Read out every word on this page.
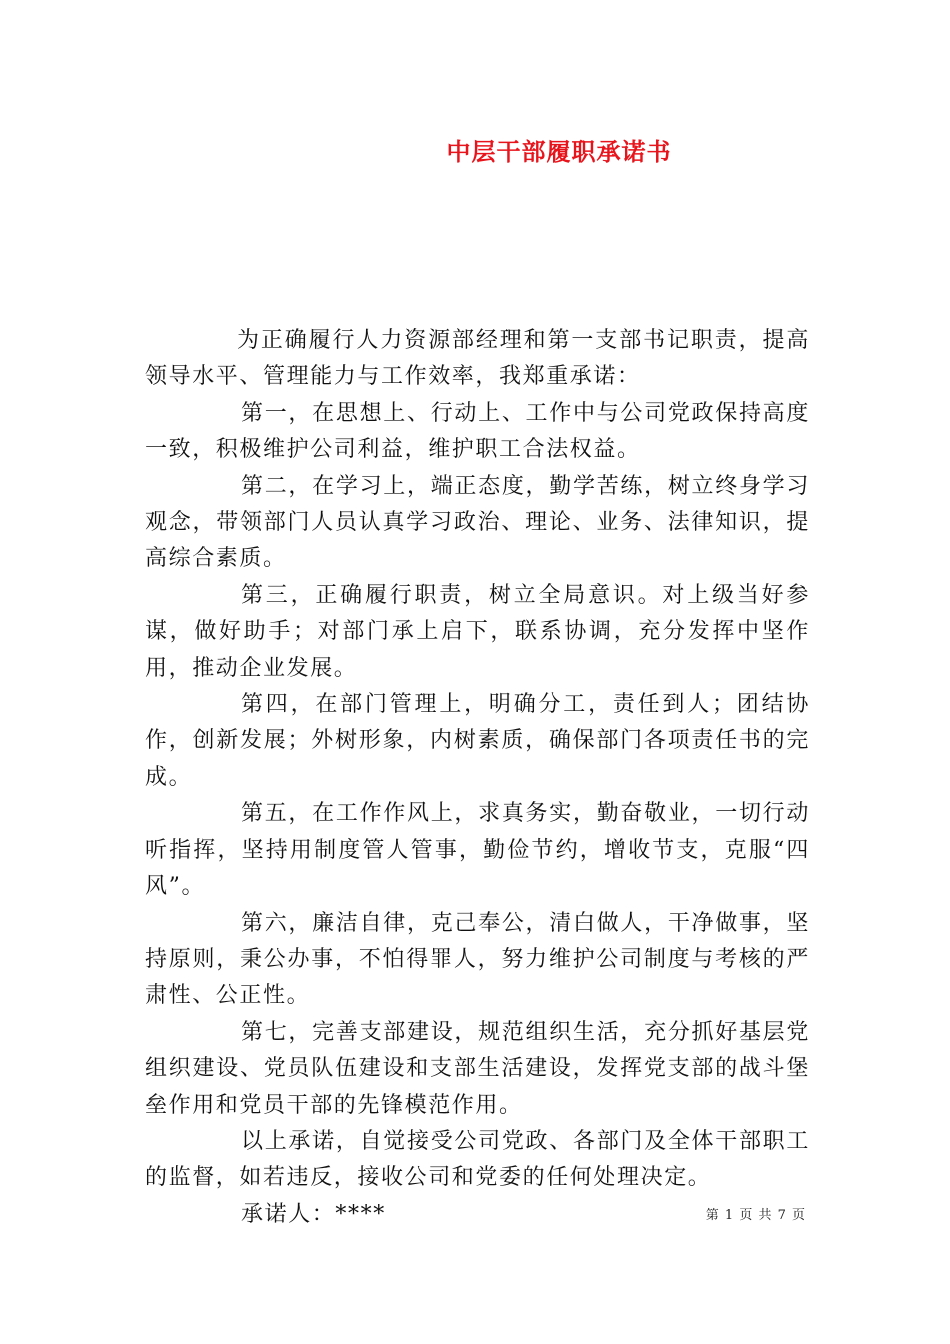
中层干部履职承诺书

为正确履行人力资源部经理和第一支部书记职责，提高领导水平、管理能力与工作效率，我郑重承诺：

第一，在思想上、行动上、工作中与公司党政保持高度一致，积极维护公司利益，维护职工合法权益。

第二，在学习上，端正态度，勤学苦练，树立终身学习观念，带领部门人员认真学习政治、理论、业务、法律知识，提高综合素质。

第三，正确履行职责，树立全局意识。对上级当好参谋，做好助手；对部门承上启下，联系协调，充分发挥中坚作用，推动企业发展。

第四，在部门管理上，明确分工，责任到人；团结协作，创新发展；外树形象，内树素质，确保部门各项责任书的完成。

第五，在工作作风上，求真务实，勤奋敬业，一切行动听指挥，坚持用制度管人管事，勤俭节约，增收节支，克服“四风”。

第六，廉洁自律，克己奉公，清白做人，干净做事，坚持原则，秉公办事，不怕得罪人，努力维护公司制度与考核的严肃性、公正性。

第七，完善支部建设，规范组织生活，充分抓好基层党组织建设、党员队伍建设和支部生活建设，发挥党支部的战斗堡垒作用和党员干部的先锋模范作用。

以上承诺，自觉接受公司党政、各部门及全体干部职工的监督，如若违反，接收公司和党委的任何处理决定。

承诺人：****	第 1 页 共 7 页
